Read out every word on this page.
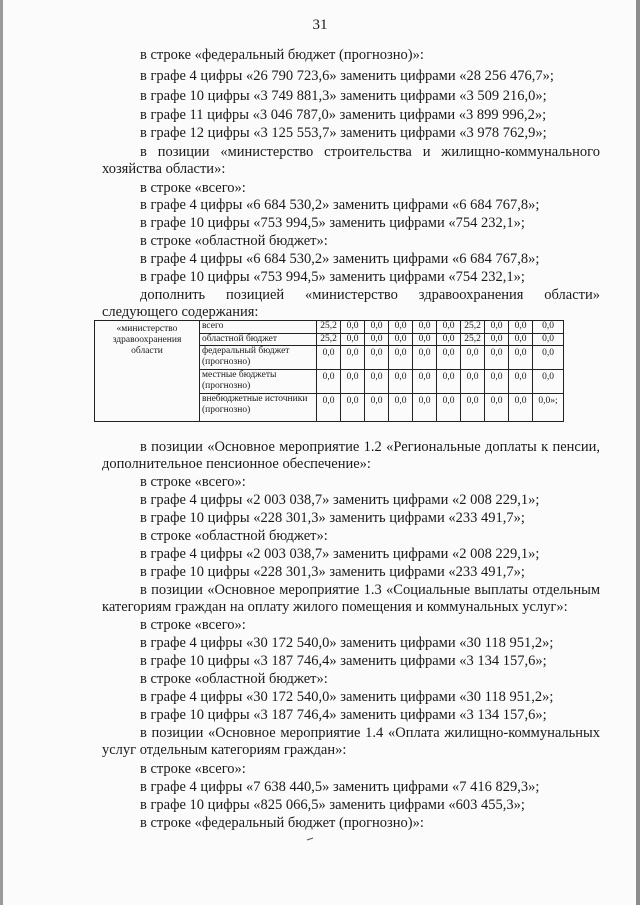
31
в строке «федеральный бюджет (прогнозно)»:
в графе 4 цифры «26 790 723,6» заменить цифрами «28 256 476,7»;
в графе 10 цифры «3 749 881,3» заменить цифрами «3 509 216,0»;
в графе 11 цифры «3 046 787,0» заменить цифрами «3 899 996,2»;
в графе 12 цифры «3 125 553,7» заменить цифрами «3 978 762,9»;
в позиции «министерство строительства и жилищно-коммунального
хозяйства области»:
в строке «всего»:
в графе 4 цифры «6 684 530,2» заменить цифрами «6 684 767,8»;
в графе 10 цифры «753 994,5» заменить цифрами «754 232,1»;
в строке «областной бюджет»:
в графе 4 цифры «6 684 530,2» заменить цифрами «6 684 767,8»;
в графе 10 цифры «753 994,5» заменить цифрами «754 232,1»;
дополнить позицией «министерство здравоохранения области»
следующего содержания:
«министерство здравоохранения области	всего	25,2	0,0	0,0	0,0	0,0	0,0	25,2	0,0	0,0	0,0
	областной бюджет	25,2	0,0	0,0	0,0	0,0	0,0	25,2	0,0	0,0	0,0
	федеральный бюджет (прогнозно)	0,0	0,0	0,0	0,0	0,0	0,0	0,0	0,0	0,0	0,0
	местные бюджеты (прогнозно)	0,0	0,0	0,0	0,0	0,0	0,0	0,0	0,0	0,0	0,0
	внебюджетные источники (прогнозно)	0,0	0,0	0,0	0,0	0,0	0,0	0,0	0,0	0,0	0,0»;
в позиции «Основное мероприятие 1.2 «Региональные доплаты к пенсии,
дополнительное пенсионное обеспечение»:
в строке «всего»:
в графе 4 цифры «2 003 038,7» заменить цифрами «2 008 229,1»;
в графе 10 цифры «228 301,3» заменить цифрами «233 491,7»;
в строке «областной бюджет»:
в графе 4 цифры «2 003 038,7» заменить цифрами «2 008 229,1»;
в графе 10 цифры «228 301,3» заменить цифрами «233 491,7»;
в позиции «Основное мероприятие 1.3 «Социальные выплаты отдельным
категориям граждан на оплату жилого помещения и коммунальных услуг»:
в строке «всего»:
в графе 4 цифры «30 172 540,0» заменить цифрами «30 118 951,2»;
в графе 10 цифры «3 187 746,4» заменить цифрами «3 134 157,6»;
в строке «областной бюджет»:
в графе 4 цифры «30 172 540,0» заменить цифрами «30 118 951,2»;
в графе 10 цифры «3 187 746,4» заменить цифрами «3 134 157,6»;
в позиции «Основное мероприятие 1.4 «Оплата жилищно-коммунальных
услуг отдельным категориям граждан»:
в строке «всего»:
в графе 4 цифры «7 638 440,5» заменить цифрами «7 416 829,3»;
в графе 10 цифры «825 066,5» заменить цифрами «603 455,3»;
в строке «федеральный бюджет (прогнозно)»:
